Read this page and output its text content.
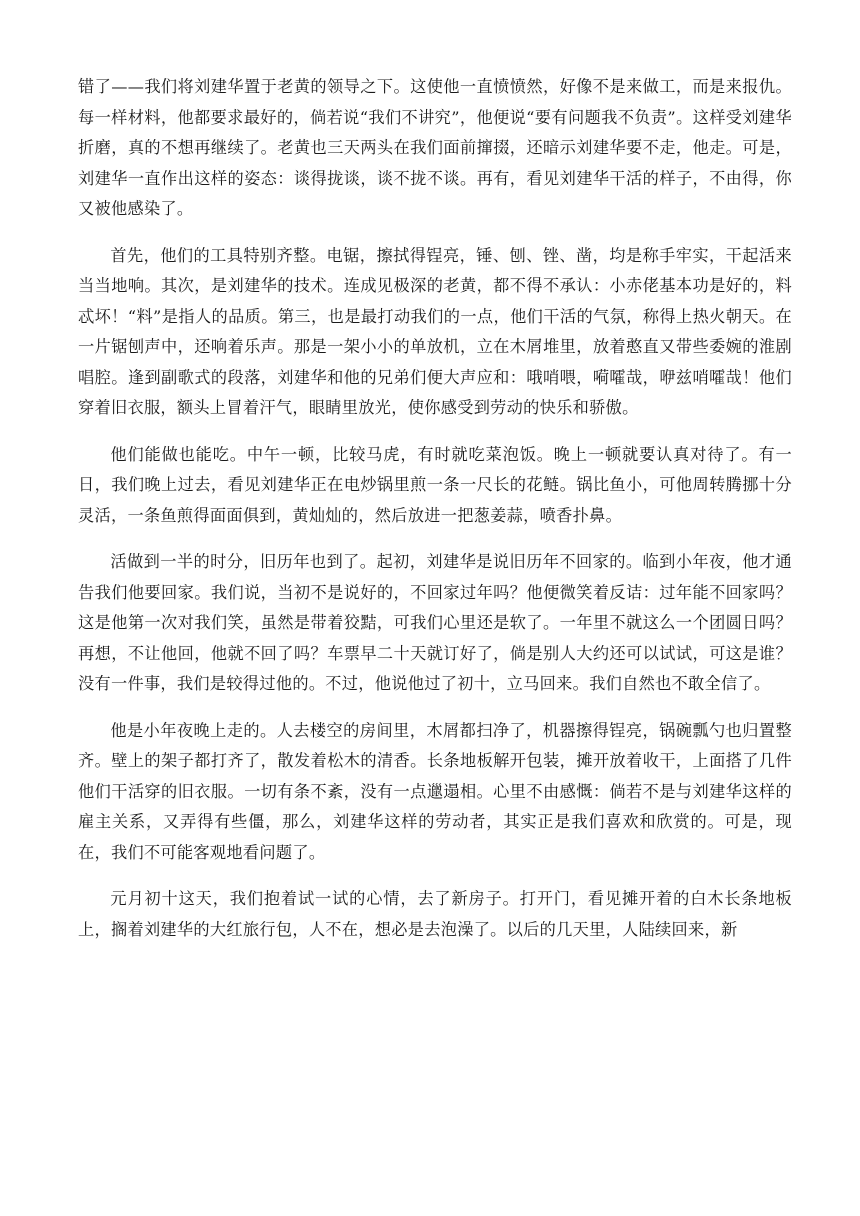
错了——我们将刘建华置于老黄的领导之下。这使他一直愤愤然，好像不是来做工，而是来报仇。每一样材料，他都要求最好的，倘若说“我们不讲究”，他便说“要有问题我不负责”。这样受刘建华折磨，真的不想再继续了。老黄也三天两头在我们面前撺掇，还暗示刘建华要不走，他走。可是，刘建华一直作出这样的姿态：谈得拢谈，谈不拢不谈。再有，看见刘建华干活的样子，不由得，你又被他感染了。

首先，他们的工具特别齐整。电锯，擦拭得锃亮，锤、刨、锉、凿，均是称手牢实，干起活来当当地响。其次，是刘建华的技术。连成见极深的老黄，都不得不承认：小赤佬基本功是好的，料忒坏！“料”是指人的品质。第三，也是最打动我们的一点，他们干活的气氛，称得上热火朝天。在一片锯刨声中，还响着乐声。那是一架小小的单放机，立在木屑堆里，放着憨直又带些委婉的淮剧唱腔。逢到副歌式的段落，刘建华和他的兄弟们便大声应和：哦哨喂，嗬嚯哉，咿兹哨嚯哉！他们穿着旧衣服，额头上冒着汗气，眼睛里放光，使你感受到劳动的快乐和骄傲。

他们能做也能吃。中午一顿，比较马虎，有时就吃菜泡饭。晚上一顿就要认真对待了。有一日，我们晚上过去，看见刘建华正在电炒锅里煎一条一尺长的花鲢。锅比鱼小，可他周转腾挪十分灵活，一条鱼煎得面面俱到，黄灿灿的，然后放进一把葱姜蒜，喷香扑鼻。

活做到一半的时分，旧历年也到了。起初，刘建华是说旧历年不回家的。临到小年夜，他才通告我们他要回家。我们说，当初不是说好的，不回家过年吗？他便微笑着反诘：过年能不回家吗？这是他第一次对我们笑，虽然是带着狡黠，可我们心里还是软了。一年里不就这么一个团圆日吗？再想，不让他回，他就不回了吗？车票早二十天就订好了，倘是别人大约还可以试试，可这是谁？没有一件事，我们是较得过他的。不过，他说他过了初十，立马回来。我们自然也不敢全信了。

他是小年夜晚上走的。人去楼空的房间里，木屑都扫净了，机器擦得锃亮，锅碗瓢勺也归置整齐。壁上的架子都打齐了，散发着松木的清香。长条地板解开包装，摊开放着收干，上面搭了几件他们干活穿的旧衣服。一切有条不紊，没有一点邋遢相。心里不由感慨：倘若不是与刘建华这样的雇主关系，又弄得有些僵，那么，刘建华这样的劳动者，其实正是我们喜欢和欣赏的。可是，现在，我们不可能客观地看问题了。

元月初十这天，我们抱着试一试的心情，去了新房子。打开门，看见摊开着的白木长条地板上，搁着刘建华的大红旅行包，人不在，想必是去泡澡了。以后的几天里，人陆续回来，新
